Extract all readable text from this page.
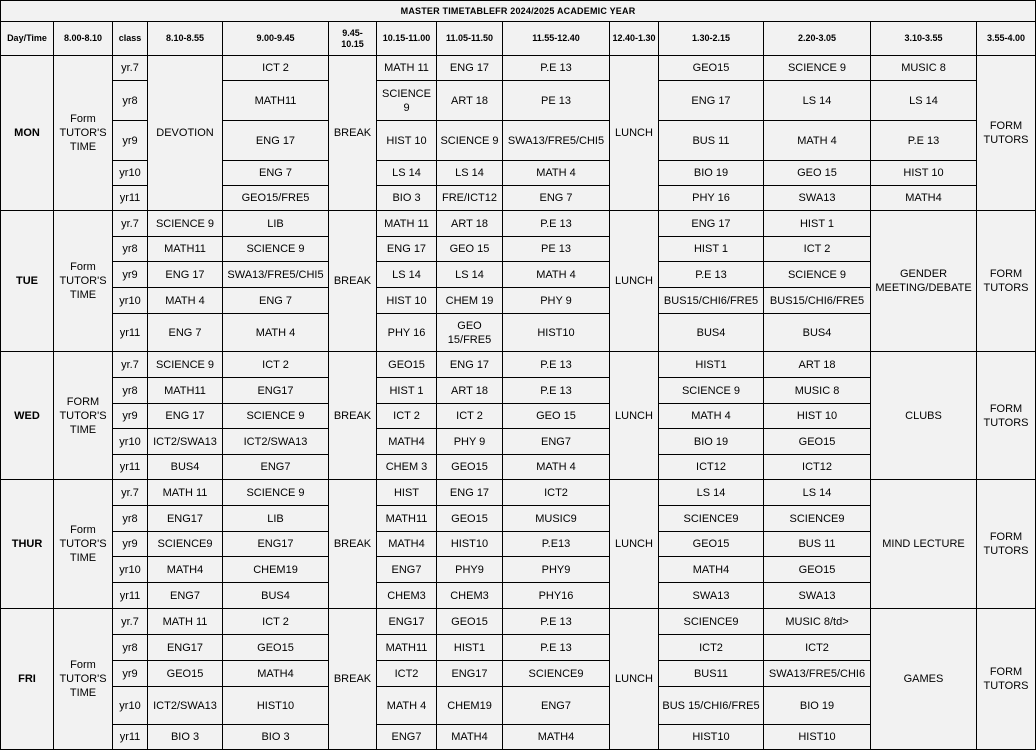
MASTER TIMETABLEFR 2024/2025 ACADEMIC YEAR													
Day/Time	8.00-8.10	class	8.10-8.55	9.00-9.45	9.45-10.15	10.15-11.00	11.05-11.50	11.55-12.40	12.40-1.30	1.30-2.15	2.20-3.05	3.10-3.55	3.55-4.00
MON	Form TUTOR'S TIME	yr.7	DEVOTION	ICT 2	BREAK	MATH 11	ENG 17	P.E 13	LUNCH	GEO15	SCIENCE 9	MUSIC 8	FORM TUTORS
		yr8		MATH11		SCIENCE 9	ART 18	PE 13		ENG 17	LS 14	LS 14	
		yr9		ENG 17		HIST 10	SCIENCE 9	SWA13/FRE5/CHI5		BUS 11	MATH 4	P.E 13	
		yr10		ENG 7		LS 14	LS 14	MATH 4		BIO 19	GEO 15	HIST 10	
		yr11		GEO15/FRE5		BIO 3	FRE/ICT12	ENG 7		PHY 16	SWA13	MATH4	
TUE	Form TUTOR'S TIME	yr.7	SCIENCE 9	LIB	BREAK	MATH 11	ART 18	P.E 13	LUNCH	ENG 17	HIST 1	GENDER MEETING/DEBATE	FORM TUTORS
		yr8	MATH11	SCIENCE 9		ENG 17	GEO 15	PE 13		HIST 1	ICT 2		
		yr9	ENG 17	SWA13/FRE5/CHI5		LS 14	LS 14	MATH 4		P.E 13	SCIENCE 9		
		yr10	MATH 4	ENG 7		HIST 10	CHEM 19	PHY 9		BUS15/CHI6/FRE5	BUS15/CHI6/FRE5		
		yr11	ENG 7	MATH 4		PHY 16	GEO 15/FRE5	HIST10		BUS4	BUS4		
WED	FORM TUTOR'S TIME	yr.7	SCIENCE 9	ICT 2	BREAK	GEO15	ENG 17	P.E 13	LUNCH	HIST1	ART 18	CLUBS	FORM TUTORS
		yr8	MATH11	ENG17		HIST 1	ART 18	P.E 13		SCIENCE 9	MUSIC 8		
		yr9	ENG 17	SCIENCE 9		ICT 2	ICT 2	GEO 15		MATH 4	HIST 10		
		yr10	ICT2/SWA13	ICT2/SWA13		MATH4	PHY 9	ENG7		BIO 19	GEO15		
		yr11	BUS4	ENG7		CHEM 3	GEO15	MATH 4		ICT12	ICT12		
THUR	Form TUTOR'S TIME	yr.7	MATH 11	SCIENCE 9	BREAK	HIST	ENG 17	ICT2	LUNCH	LS 14	LS 14	MIND LECTURE	FORM TUTORS
		yr8	ENG17	LIB		MATH11	GEO15	MUSIC9		SCIENCE9	SCIENCE9		
		yr9	SCIENCE9	ENG17		MATH4	HIST10	P.E13		GEO15	BUS 11		
		yr10	MATH4	CHEM19		ENG7	PHY9	PHY9		MATH4	GEO15		
		yr11	ENG7	BUS4		CHEM3	CHEM3	PHY16		SWA13	SWA13		
FRI	Form TUTOR'S TIME	yr.7	MATH 11	ICT 2	BREAK	ENG17	GEO15	P.E 13	LUNCH	SCIENCE9	MUSIC 8/td>	GAMES	FORM TUTORS
		yr8	ENG17	GEO15		MATH11	HIST1	P.E 13		ICT2	ICT2		
		yr9	GEO15	MATH4		ICT2	ENG17	SCIENCE9		BUS11	SWA13/FRE5/CHI6		
		yr10	ICT2/SWA13	HIST10		MATH 4	CHEM19	ENG7		BUS 15/CHI6/FRE5	BIO 19		
		yr11	BIO 3	BIO 3		ENG7	MATH4	MATH4		HIST10	HIST10		
